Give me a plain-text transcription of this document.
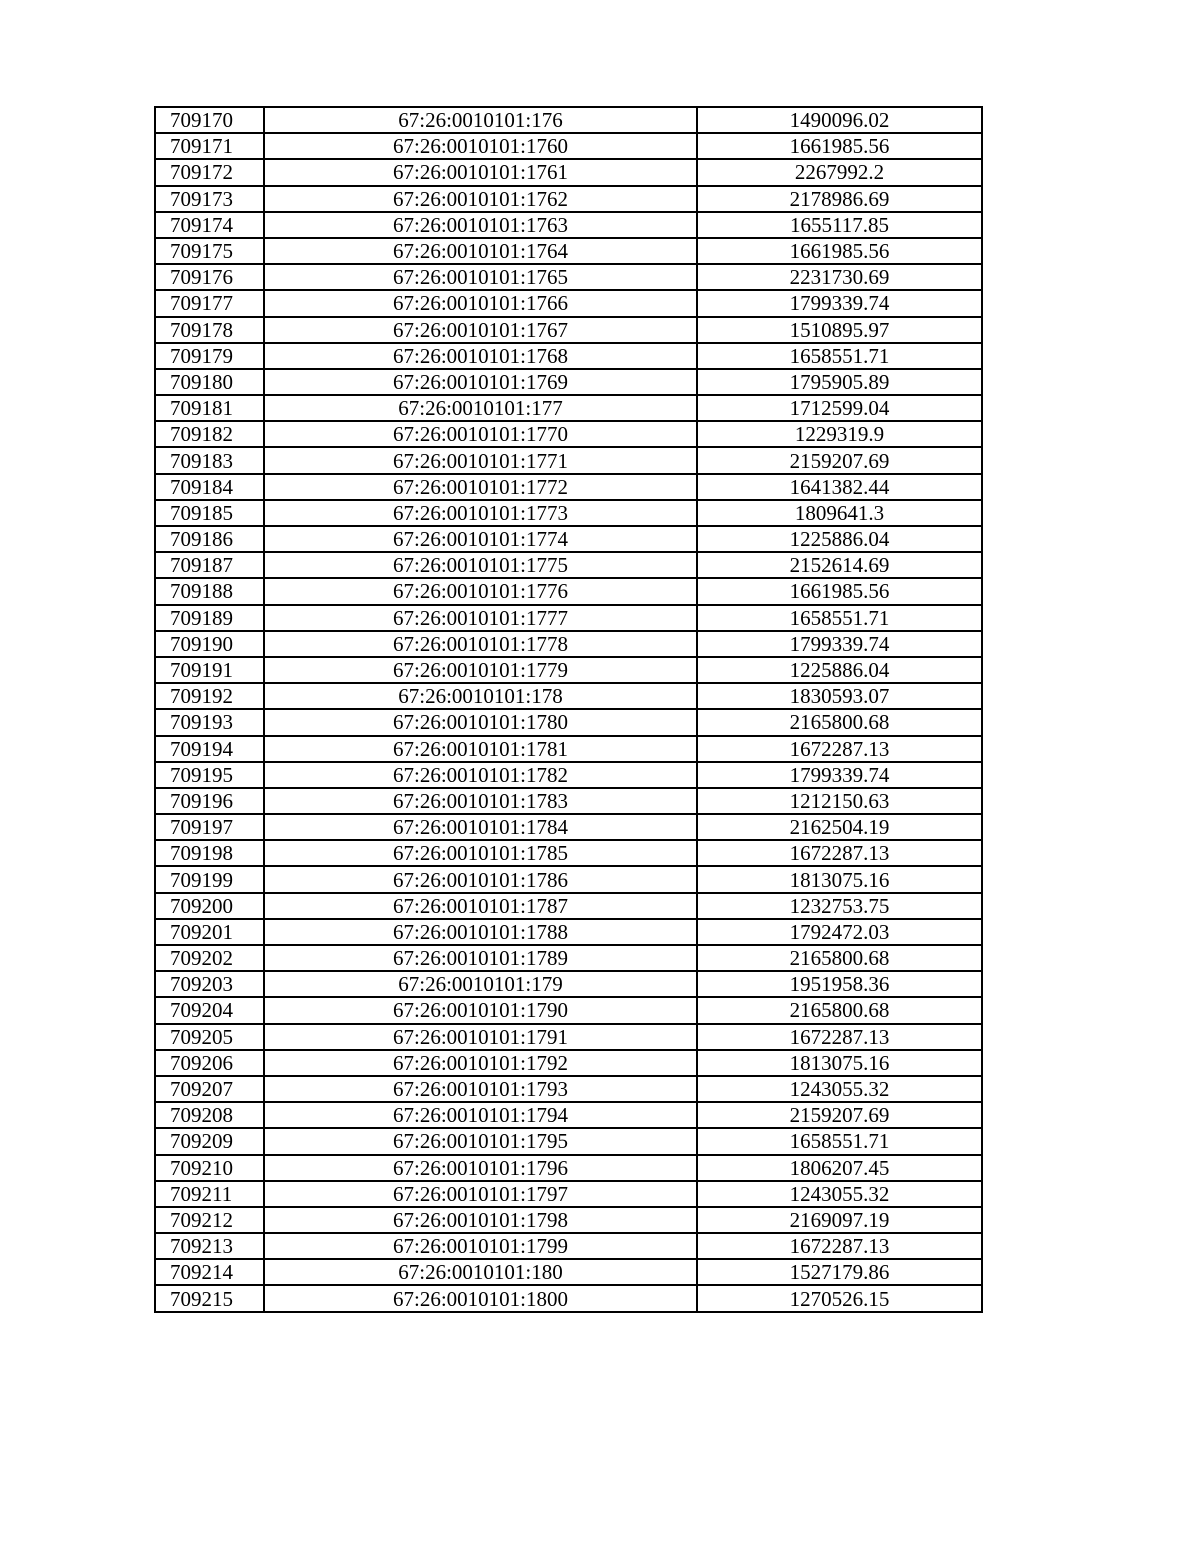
709170	67:26:0010101:176	1490096.02
709171	67:26:0010101:1760	1661985.56
709172	67:26:0010101:1761	2267992.2
709173	67:26:0010101:1762	2178986.69
709174	67:26:0010101:1763	1655117.85
709175	67:26:0010101:1764	1661985.56
709176	67:26:0010101:1765	2231730.69
709177	67:26:0010101:1766	1799339.74
709178	67:26:0010101:1767	1510895.97
709179	67:26:0010101:1768	1658551.71
709180	67:26:0010101:1769	1795905.89
709181	67:26:0010101:177	1712599.04
709182	67:26:0010101:1770	1229319.9
709183	67:26:0010101:1771	2159207.69
709184	67:26:0010101:1772	1641382.44
709185	67:26:0010101:1773	1809641.3
709186	67:26:0010101:1774	1225886.04
709187	67:26:0010101:1775	2152614.69
709188	67:26:0010101:1776	1661985.56
709189	67:26:0010101:1777	1658551.71
709190	67:26:0010101:1778	1799339.74
709191	67:26:0010101:1779	1225886.04
709192	67:26:0010101:178	1830593.07
709193	67:26:0010101:1780	2165800.68
709194	67:26:0010101:1781	1672287.13
709195	67:26:0010101:1782	1799339.74
709196	67:26:0010101:1783	1212150.63
709197	67:26:0010101:1784	2162504.19
709198	67:26:0010101:1785	1672287.13
709199	67:26:0010101:1786	1813075.16
709200	67:26:0010101:1787	1232753.75
709201	67:26:0010101:1788	1792472.03
709202	67:26:0010101:1789	2165800.68
709203	67:26:0010101:179	1951958.36
709204	67:26:0010101:1790	2165800.68
709205	67:26:0010101:1791	1672287.13
709206	67:26:0010101:1792	1813075.16
709207	67:26:0010101:1793	1243055.32
709208	67:26:0010101:1794	2159207.69
709209	67:26:0010101:1795	1658551.71
709210	67:26:0010101:1796	1806207.45
709211	67:26:0010101:1797	1243055.32
709212	67:26:0010101:1798	2169097.19
709213	67:26:0010101:1799	1672287.13
709214	67:26:0010101:180	1527179.86
709215	67:26:0010101:1800	1270526.15
